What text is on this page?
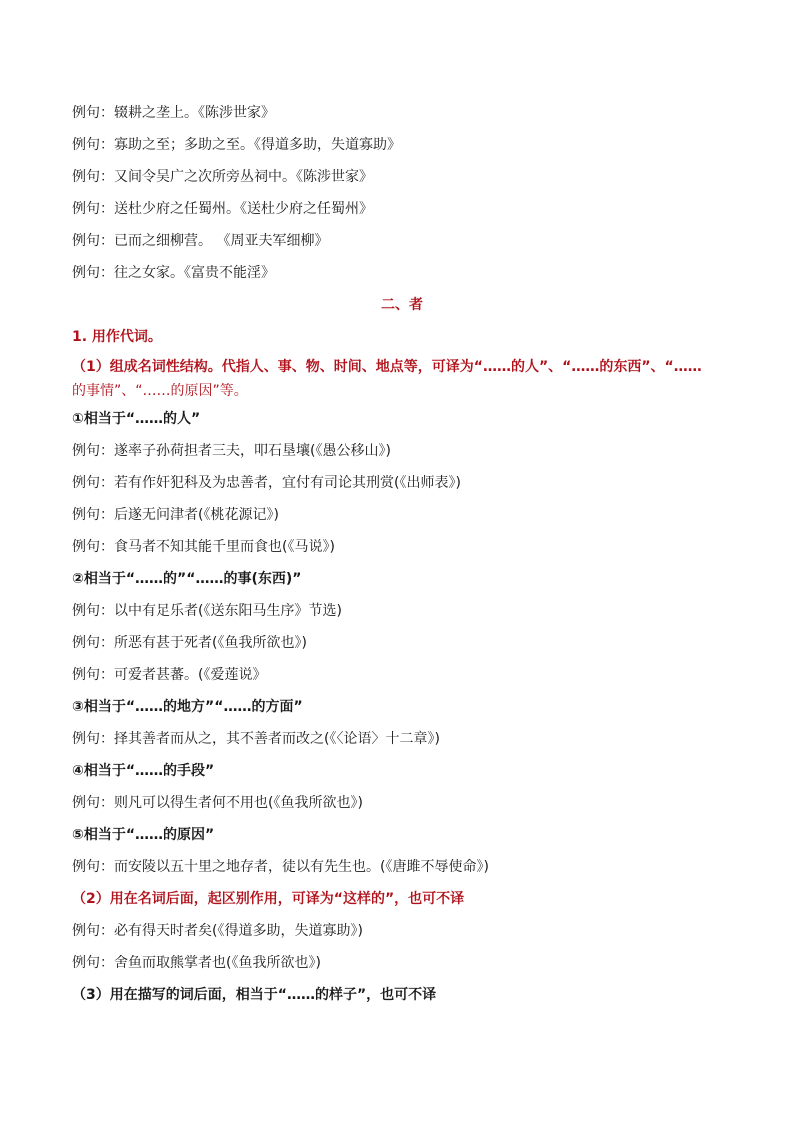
例句：辍耕之垄上。《陈涉世家》
例句：寡助之至；多助之至。《得道多助，失道寡助》
例句：又间令吴广之次所旁丛祠中。《陈涉世家》
例句：送杜少府之任蜀州。《送杜少府之任蜀州》
例句：已而之细柳营。 《周亚夫军细柳》
例句：往之女家。《富贵不能淫》
二、者
1. 用作代词。
（1）组成名词性结构。代指人、事、物、时间、地点等，可译为“……的人”、“……的东西”、“……
的事情”、“……的原因”等。
①相当于“……的人”
例句：遂率子孙荷担者三夫，叩石垦壤(《愚公移山》)
例句：若有作奸犯科及为忠善者，宜付有司论其刑赏(《出师表》)
例句：后遂无问津者(《桃花源记》)
例句：食马者不知其能千里而食也(《马说》)
②相当于“……的”“……的事(东西)”
例句：以中有足乐者(《送东阳马生序》节选)
例句：所恶有甚于死者(《鱼我所欲也》)
例句：可爱者甚蕃。(《爱莲说》
③相当于“……的地方”“……的方面”
例句：择其善者而从之，其不善者而改之(《〈论语〉十二章》)
④相当于“……的手段”
例句：则凡可以得生者何不用也(《鱼我所欲也》)
⑤相当于“……的原因”
例句：而安陵以五十里之地存者，徒以有先生也。(《唐雎不辱使命》)
（2）用在名词后面，起区别作用，可译为“这样的”，也可不译
例句：必有得天时者矣(《得道多助，失道寡助》)
例句：舍鱼而取熊掌者也(《鱼我所欲也》)
（3）用在描写的词后面，相当于“……的样子”，也可不译
